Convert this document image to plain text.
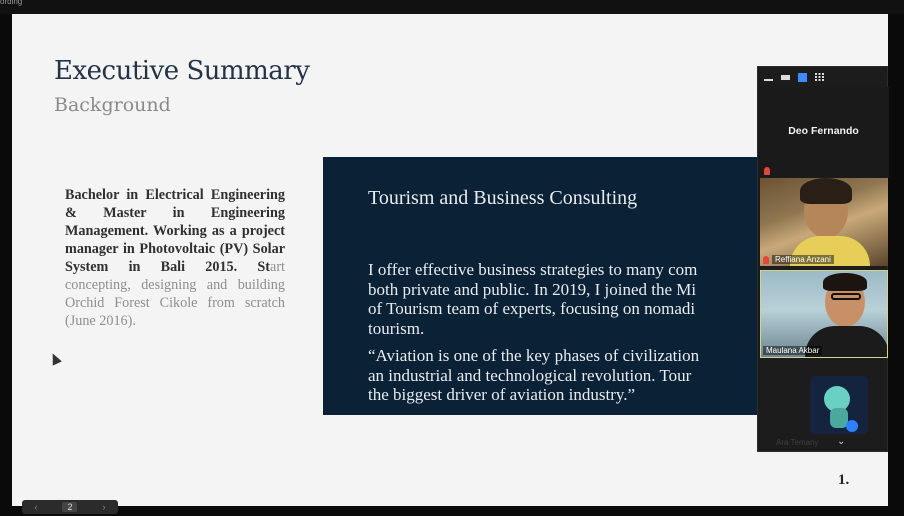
ording
Executive Summary
Background
Bachelor in Electrical Engineering & Master in Engineering Management. Working as a project manager in Photovoltaic (PV) Solar System in Bali 2015. Start concepting, designing and building Orchid Forest Cikole from scratch (June 2016).
Tourism and Business Consulting

I offer effective business strategies to many com
both private and public. In 2019, I joined the Mi
of Tourism team of experts, focusing on nomadi
tourism.

“Aviation is one of the key phases of civilization
an industrial and technological revolution. Tour
the biggest driver of aviation industry.”

1.
‹	2	›
Deo Fernando
Reffiana Anzani
Maulana Akbar
Ara Temany ⌄
